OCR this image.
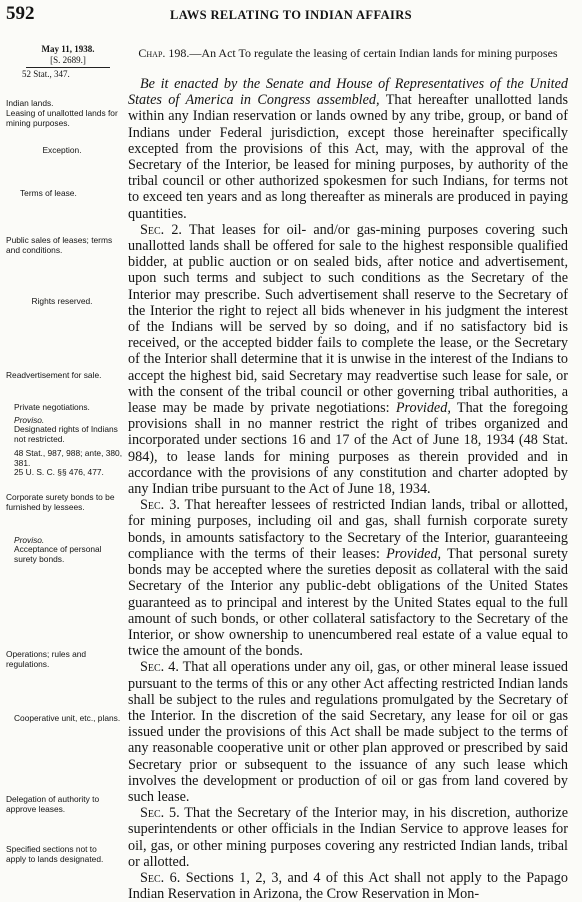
592	LAWS RELATING TO INDIAN AFFAIRS
May 11, 1938.
[S. 2689.]
52 Stat., 347.
Chap. 198.—An Act To regulate the leasing of certain Indian lands for mining purposes
Indian lands.
Leasing of unallotted lands for mining purposes.
Exception.
Terms of lease.
Public sales of leases; terms and conditions.
Rights reserved.
Readvertisement for sale.
Private negotiations.
Proviso.
Designated rights of Indians not restricted.
48 Stat., 987, 988; ante, 380, 381.
25 U. S. C. §§ 476, 477.
Corporate surety bonds to be furnished by lessees.
Proviso.
Acceptance of personal surety bonds.
Operations; rules and regulations.
Cooperative unit, etc., plans.
Delegation of authority to approve leases.
Specified sections not to apply to lands designated.

Be it enacted by the Senate and House of Representatives of the United States of America in Congress assembled, That hereafter unallotted lands within any Indian reservation or lands owned by any tribe, group, or band of Indians under Federal jurisdiction, except those hereinafter specifically excepted from the provisions of this Act, may, with the approval of the Secretary of the Interior, be leased for mining purposes, by authority of the tribal council or other authorized spokesmen for such Indians, for terms not to exceed ten years and as long thereafter as minerals are produced in paying quantities.

Sec. 2. That leases for oil- and/or gas-mining purposes covering such unallotted lands shall be offered for sale to the highest responsible qualified bidder, at public auction or on sealed bids, after notice and advertisement, upon such terms and subject to such conditions as the Secretary of the Interior may prescribe. Such advertisement shall reserve to the Secretary of the Interior the right to reject all bids whenever in his judgment the interest of the Indians will be served by so doing, and if no satisfactory bid is received, or the accepted bidder fails to complete the lease, or the Secretary of the Interior shall determine that it is unwise in the interest of the Indians to accept the highest bid, said Secretary may readvertise such lease for sale, or with the consent of the tribal council or other governing tribal authorities, a lease may be made by private negotiations: Provided, That the foregoing provisions shall in no manner restrict the right of tribes organized and incorporated under sections 16 and 17 of the Act of June 18, 1934 (48 Stat. 984), to lease lands for mining purposes as therein provided and in accordance with the provisions of any constitution and charter adopted by any Indian tribe pursuant to the Act of June 18, 1934.

Sec. 3. That hereafter lessees of restricted Indian lands, tribal or allotted, for mining purposes, including oil and gas, shall furnish corporate surety bonds, in amounts satisfactory to the Secretary of the Interior, guaranteeing compliance with the terms of their leases: Provided, That personal surety bonds may be accepted where the sureties deposit as collateral with the said Secretary of the Interior any public-debt obligations of the United States guaranteed as to principal and interest by the United States equal to the full amount of such bonds, or other collateral satisfactory to the Secretary of the Interior, or show ownership to unencumbered real estate of a value equal to twice the amount of the bonds.

Sec. 4. That all operations under any oil, gas, or other mineral lease issued pursuant to the terms of this or any other Act affecting restricted Indian lands shall be subject to the rules and regulations promulgated by the Secretary of the Interior. In the discretion of the said Secretary, any lease for oil or gas issued under the provisions of this Act shall be made subject to the terms of any reasonable cooperative unit or other plan approved or prescribed by said Secretary prior or subsequent to the issuance of any such lease which involves the development or production of oil or gas from land covered by such lease.

Sec. 5. That the Secretary of the Interior may, in his discretion, authorize superintendents or other officials in the Indian Service to approve leases for oil, gas, or other mining purposes covering any restricted Indian lands, tribal or allotted.

Sec. 6. Sections 1, 2, 3, and 4 of this Act shall not apply to the Papago Indian Reservation in Arizona, the Crow Reservation in Mon-
